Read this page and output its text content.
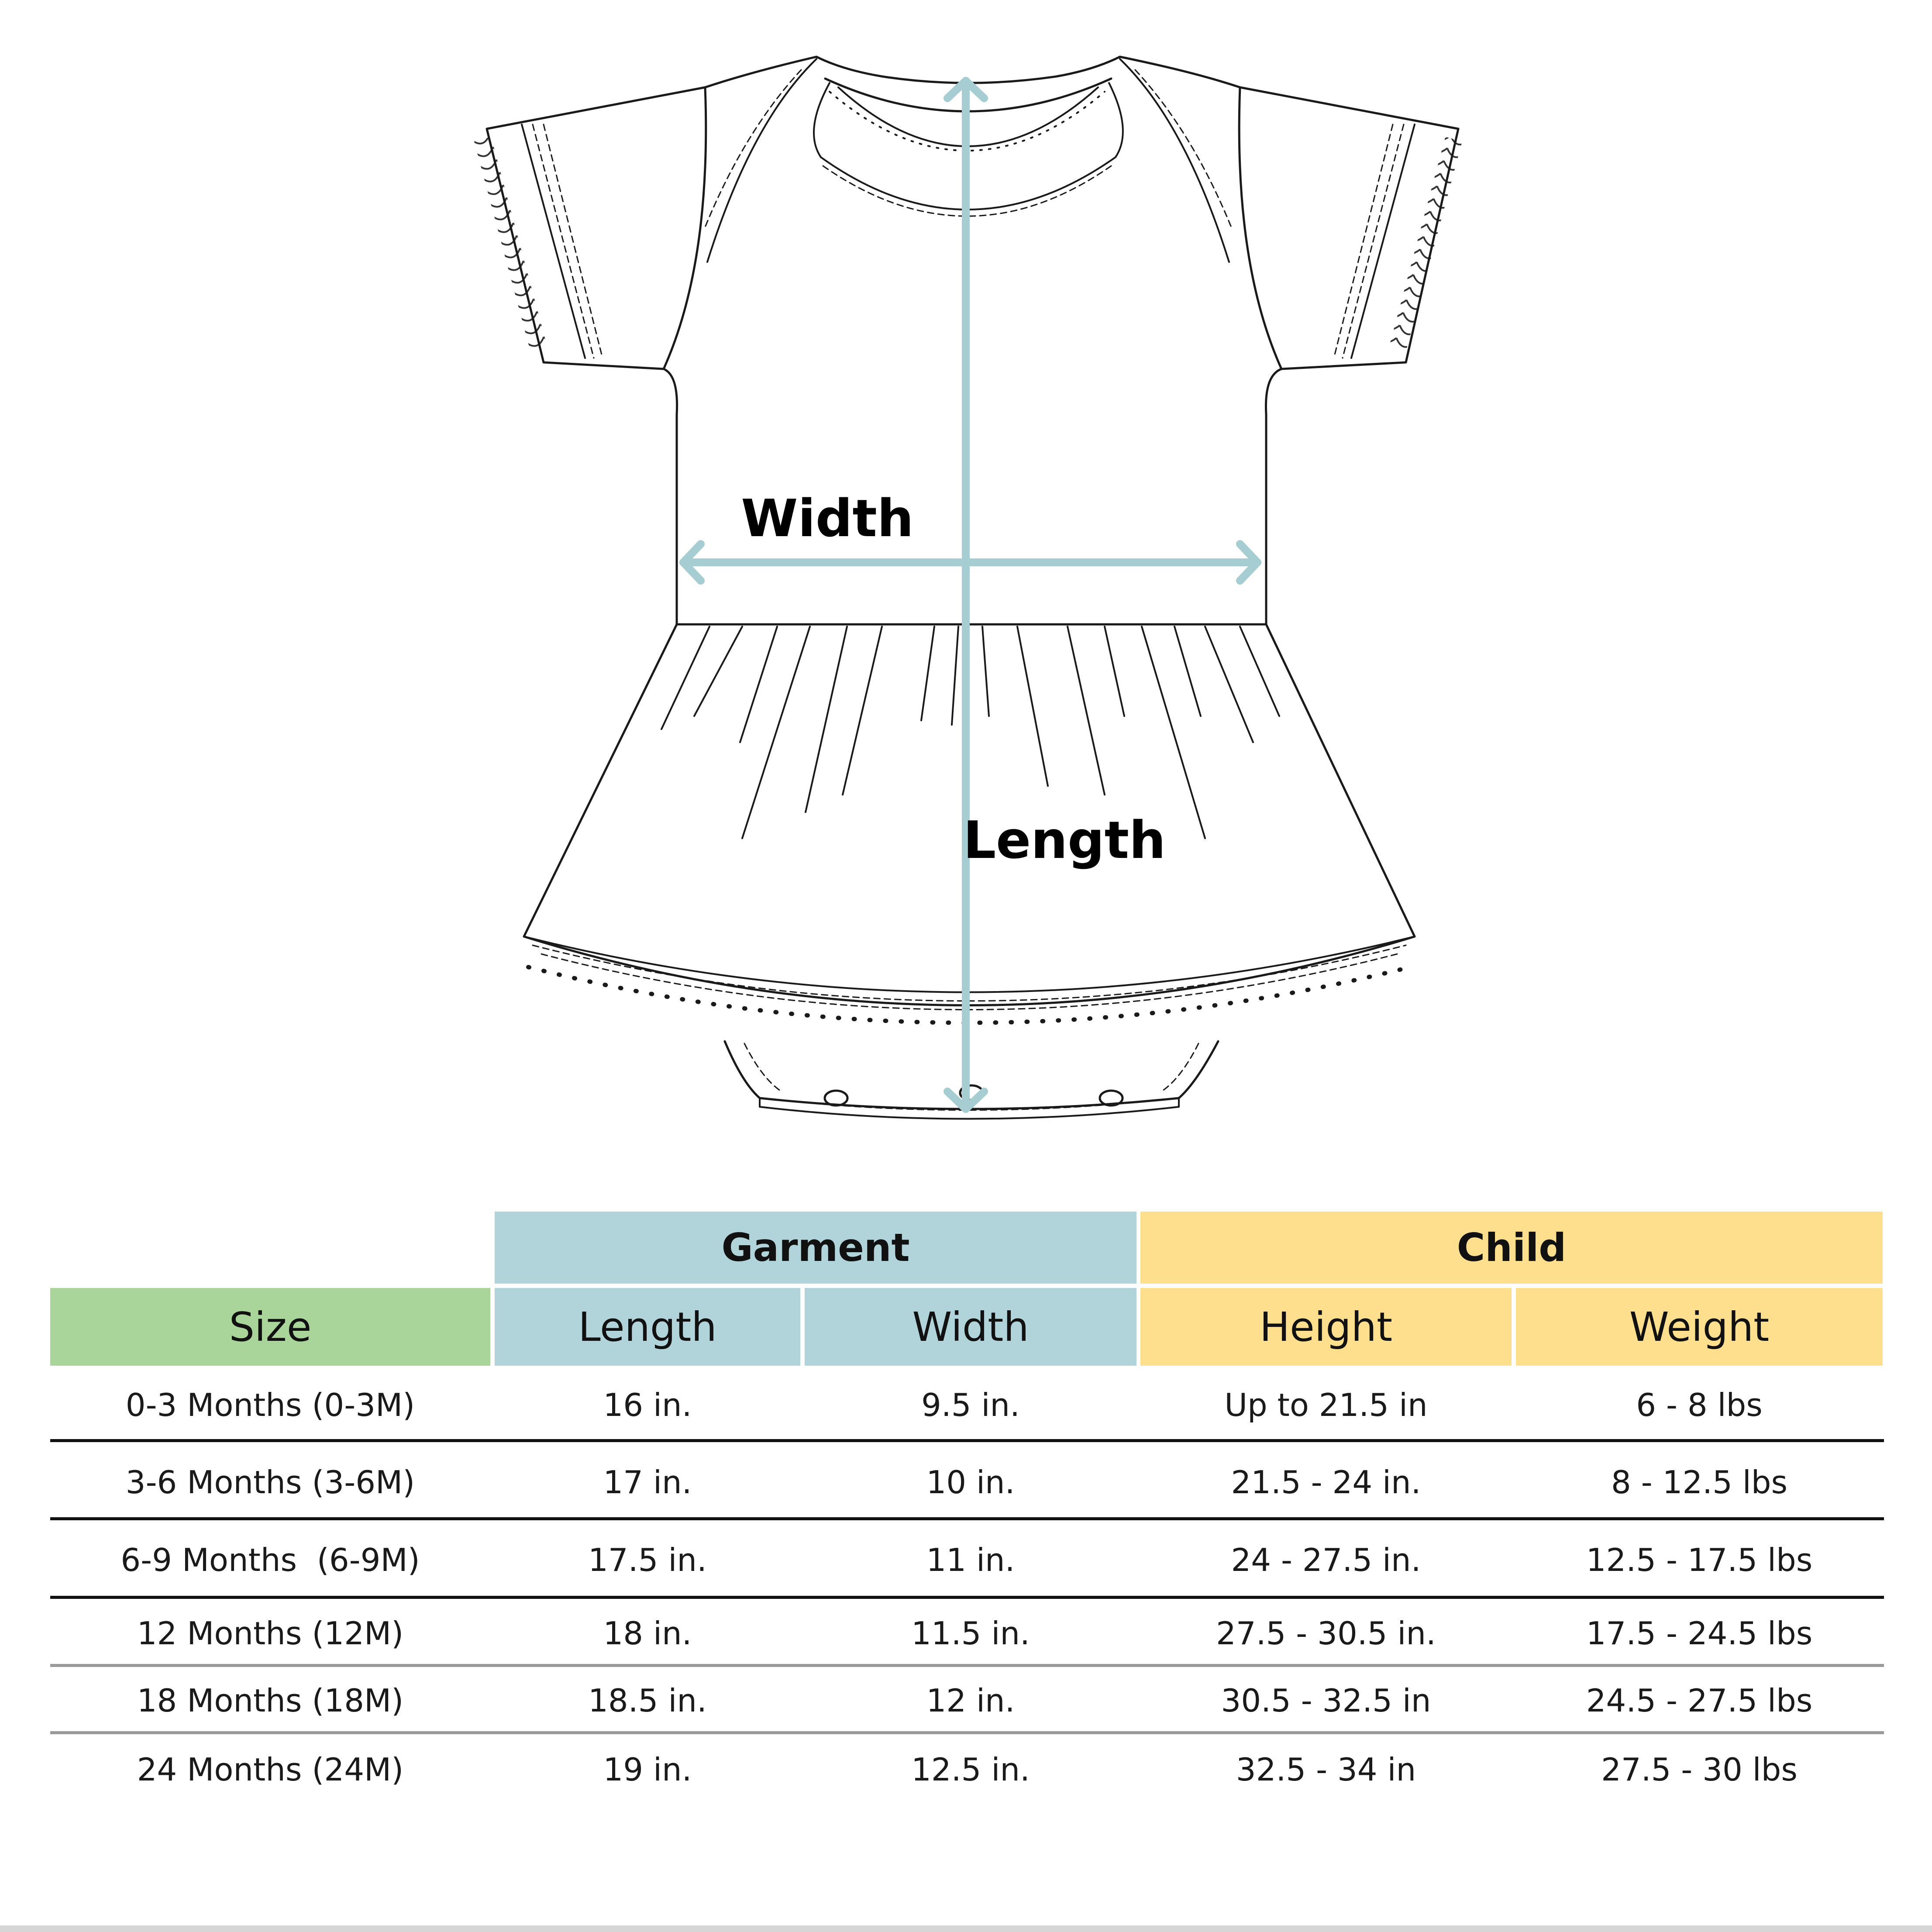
Width
Length
Garment	Child
Size	Length	Width	Height	Weight
0-3 Months (0-3M)	16 in.	9.5 in.	Up to 21.5 in	6 - 8 lbs
3-6 Months (3-6M)	17 in.	10 in.	21.5 - 24 in.	8 - 12.5 lbs
6-9 Months  (6-9M)	17.5 in.	11 in.	24 - 27.5 in.	12.5 - 17.5 lbs
12 Months (12M)	18 in.	11.5 in.	27.5 - 30.5 in.	17.5 - 24.5 lbs
18 Months (18M)	18.5 in.	12 in.	30.5 - 32.5 in	24.5 - 27.5 lbs
24 Months (24M)	19 in.	12.5 in.	32.5 - 34 in	27.5 - 30 lbs
